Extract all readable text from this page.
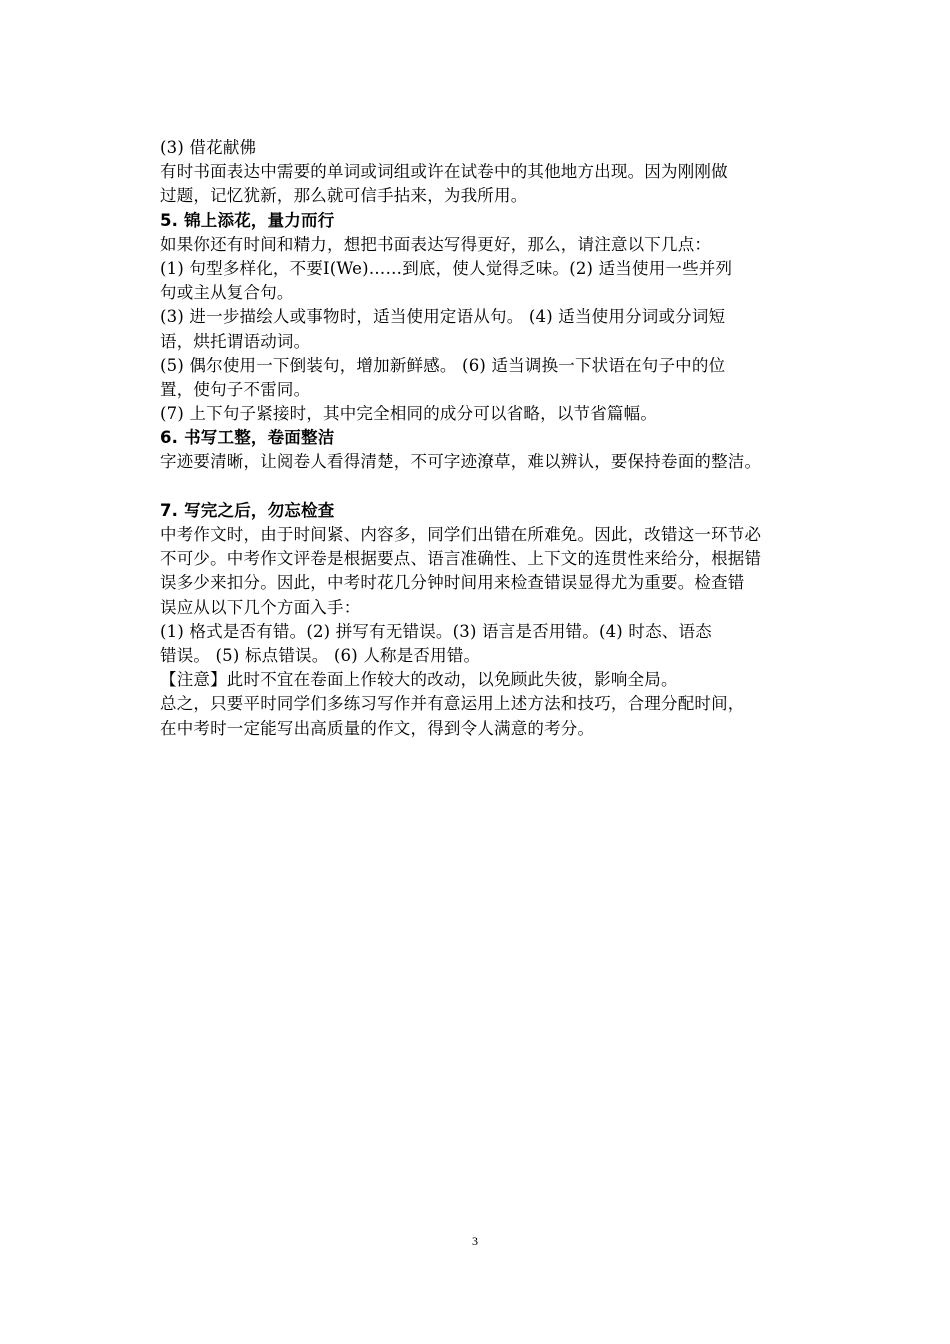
(3) 借花献佛
有时书面表达中需要的单词或词组或许在试卷中的其他地方出现。因为刚刚做
过题，记忆犹新，那么就可信手拈来，为我所用。
5. 锦上添花，量力而行
如果你还有时间和精力，想把书面表达写得更好，那么，请注意以下几点：
(1) 句型多样化，不要I(We)……到底，使人觉得乏味。(2) 适当使用一些并列
句或主从复合句。
(3) 进一步描绘人或事物时，适当使用定语从句。 (4) 适当使用分词或分词短
语，烘托谓语动词。
(5) 偶尔使用一下倒装句，增加新鲜感。 (6) 适当调换一下状语在句子中的位
置，使句子不雷同。
(7) 上下句子紧接时，其中完全相同的成分可以省略，以节省篇幅。
6. 书写工整，卷面整洁
字迹要清晰，让阅卷人看得清楚，不可字迹潦草，难以辨认，要保持卷面的整洁。
7. 写完之后，勿忘检查
中考作文时，由于时间紧、内容多，同学们出错在所难免。因此，改错这一环节必
不可少。中考作文评卷是根据要点、语言准确性、上下文的连贯性来给分，根据错
误多少来扣分。因此，中考时花几分钟时间用来检查错误显得尤为重要。检查错
误应从以下几个方面入手：
(1) 格式是否有错。(2) 拼写有无错误。(3) 语言是否用错。(4) 时态、语态
错误。 (5) 标点错误。 (6) 人称是否用错。
【注意】此时不宜在卷面上作较大的改动，以免顾此失彼，影响全局。
总之，只要平时同学们多练习写作并有意运用上述方法和技巧，合理分配时间，
在中考时一定能写出高质量的作文，得到令人满意的考分。
3
